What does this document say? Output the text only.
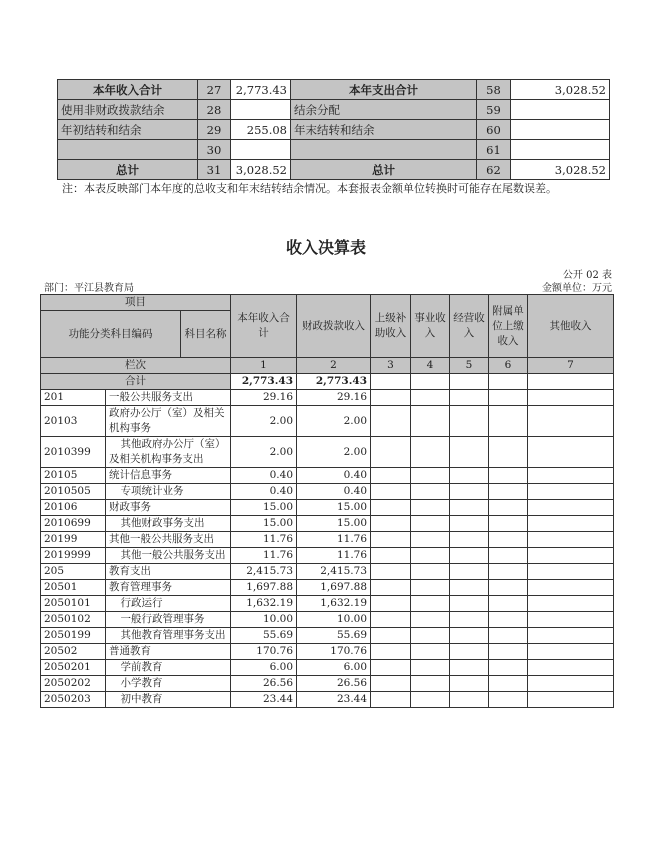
本年收入合计	27	2,773.43	本年支出合计	58	3,028.52
使用非财政拨款结余	28		结余分配	59	
年初结转和结余	29	255.08	年末结转和结余	60	
	30			61	
总计	31	3,028.52	总计	62	3,028.52
注：本表反映部门本年度的总收支和年末结转结余情况。本套报表金额单位转换时可能存在尾数误差。
收入决算表
公开 02 表
部门：平江县教育局	金额单位：万元
项目			本年收入合计	财政拨款收入	上级补助收入	事业收入	经营收入	附属单位上缴收入	其他收入
功能分类科目编码		科目名称							
栏次			1	2	3	4	5	6	7
合计			2,773.43	2,773.43					
201	一般公共服务支出		29.16	29.16					
20103	政府办公厅（室）及相关机构事务		2.00	2.00					
2010399	其他政府办公厅（室）及相关机构事务支出		2.00	2.00					
20105	统计信息事务		0.40	0.40					
2010505	专项统计业务		0.40	0.40					
20106	财政事务		15.00	15.00					
2010699	其他财政事务支出		15.00	15.00					
20199	其他一般公共服务支出		11.76	11.76					
2019999	其他一般公共服务支出		11.76	11.76					
205	教育支出		2,415.73	2,415.73					
20501	教育管理事务		1,697.88	1,697.88					
2050101	行政运行		1,632.19	1,632.19					
2050102	一般行政管理事务		10.00	10.00					
2050199	其他教育管理事务支出		55.69	55.69					
20502	普通教育		170.76	170.76					
2050201	学前教育		6.00	6.00					
2050202	小学教育		26.56	26.56					
2050203	初中教育		23.44	23.44					
